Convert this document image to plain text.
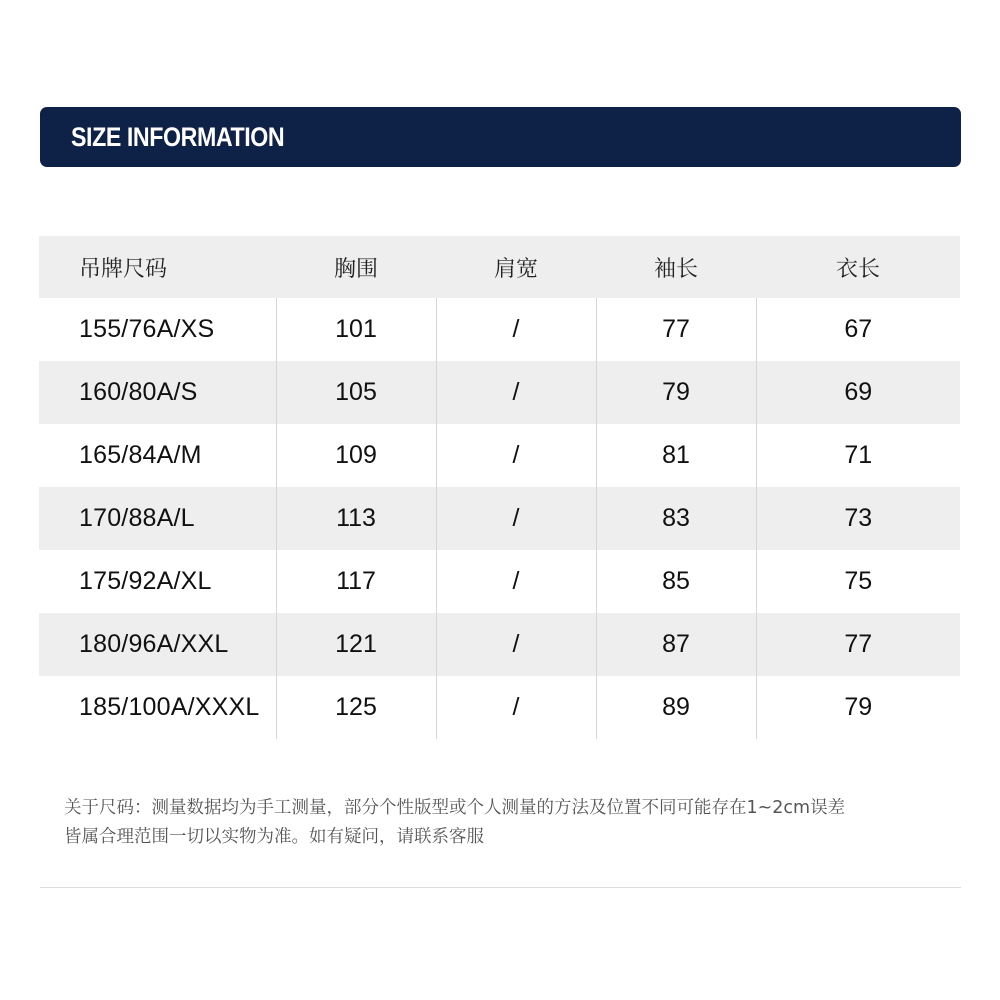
SIZE INFORMATION
吊牌尺码	胸围	肩宽	袖长	衣长
155/76A/XS	101	/	77	67
160/80A/S	105	/	79	69
165/84A/M	109	/	81	71
170/88A/L	113	/	83	73
175/92A/XL	117	/	85	75
180/96A/XXL	121	/	87	77
185/100A/XXXL	125	/	89	79

关于尺码：测量数据均为手工测量，部分个性版型或个人测量的方法及位置不同可能存在1~2cm误差
皆属合理范围一切以实物为准。如有疑问，请联系客服
